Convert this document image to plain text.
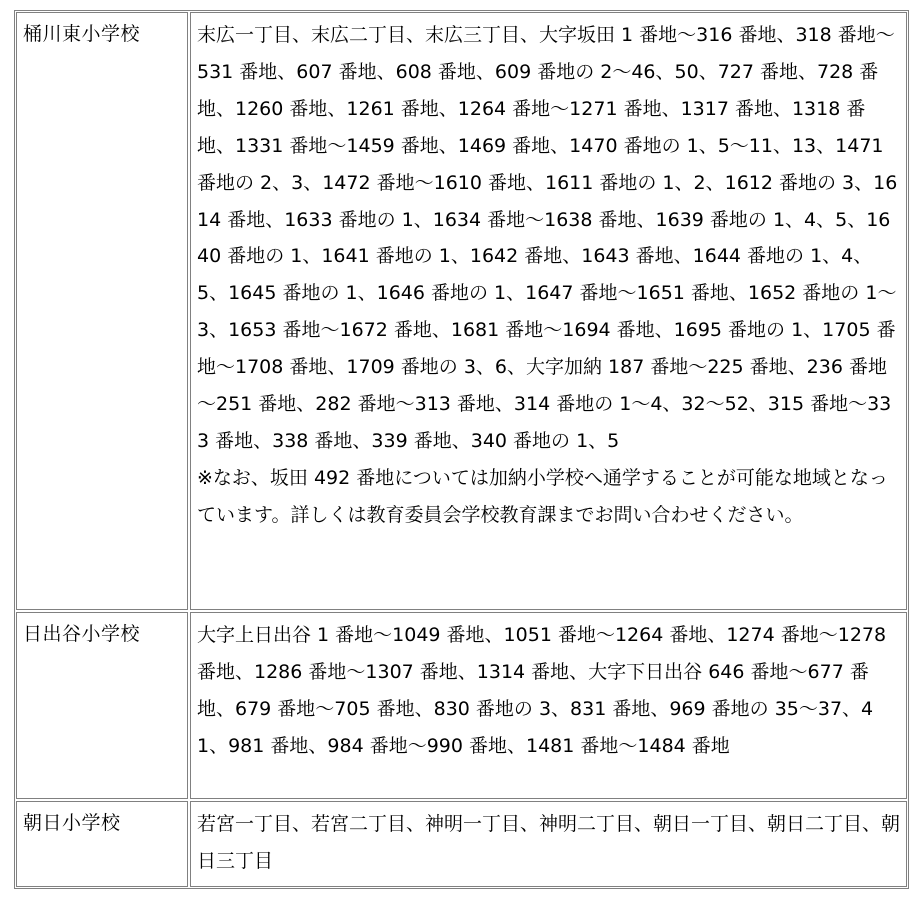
桶川東小学校	末広一丁目、末広二丁目、末広三丁目、大字坂田 1 番地～316 番地、318 番地～531 番地、607 番地、608 番地、609 番地の 2～46、50、727 番地、728 番地、1260 番地、1261 番地、1264 番地～1271 番地、1317 番地、1318 番地、1331 番地～1459 番地、1469 番地、1470 番地の 1、5～11、13、1471 番地の 2、3、1472 番地～1610 番地、1611 番地の 1、2、1612 番地の 3、1614 番地、1633 番地の 1、1634 番地～1638 番地、1639 番地の 1、4、5、1640 番地の 1、1641 番地の 1、1642 番地、1643 番地、1644 番地の 1、4、5、1645 番地の 1、1646 番地の 1、1647 番地～1651 番地、1652 番地の 1～3、1653 番地～1672 番地、1681 番地～1694 番地、1695 番地の 1、1705 番地～1708 番地、1709 番地の 3、6、大字加納 187 番地～225 番地、236 番地～251 番地、282 番地～313 番地、314 番地の 1～4、32～52、315 番地～333 番地、338 番地、339 番地、340 番地の 1、5

※なお、坂田 492 番地については加納小学校へ通学することが可能な地域となっています。詳しくは教育委員会学校教育課までお問い合わせください。

日出谷小学校	大字上日出谷 1 番地～1049 番地、1051 番地～1264 番地、1274 番地～1278 番地、1286 番地～1307 番地、1314 番地、大字下日出谷 646 番地～677 番地、679 番地～705 番地、830 番地の 3、831 番地、969 番地の 35～37、41、981 番地、984 番地～990 番地、1481 番地～1484 番地

朝日小学校	若宮一丁目、若宮二丁目、神明一丁目、神明二丁目、朝日一丁目、朝日二丁目、朝日三丁目
